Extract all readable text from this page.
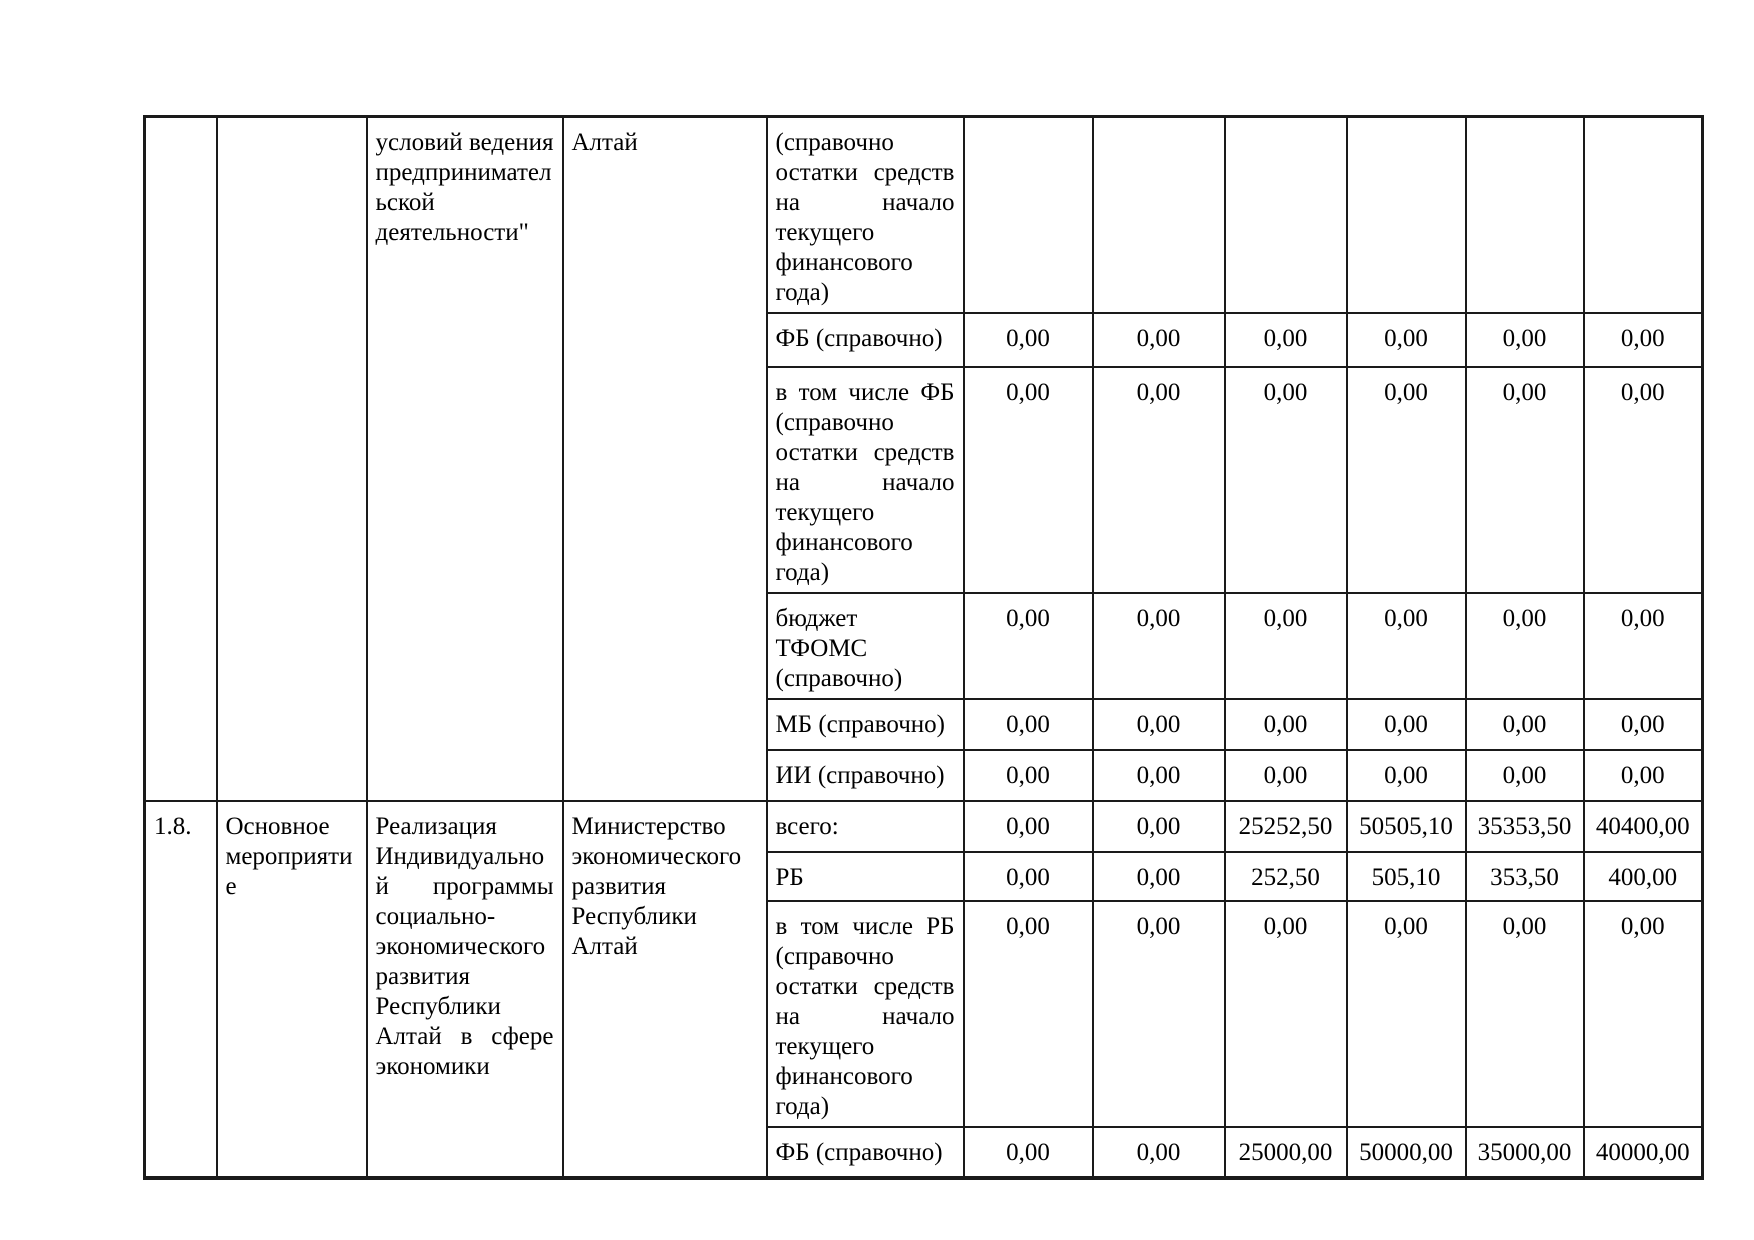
		условий ведения предпринимательской деятельности"	Алтай	(справочно остатки средств на начало текущего финансового года)						
				ФБ (справочно)	0,00	0,00	0,00	0,00	0,00	0,00
				в том числе ФБ (справочно остатки средств на начало текущего финансового года)	0,00	0,00	0,00	0,00	0,00	0,00
				бюджет ТФОМС (справочно)	0,00	0,00	0,00	0,00	0,00	0,00
				МБ (справочно)	0,00	0,00	0,00	0,00	0,00	0,00
				ИИ (справочно)	0,00	0,00	0,00	0,00	0,00	0,00
1.8.	Основное мероприятие	Реализация Индивидуальной программы социально-экономического развития Республики Алтай в сфере экономики	Министерство экономического развития Республики Алтай	всего:	0,00	0,00	25252,50	50505,10	35353,50	40400,00
				РБ	0,00	0,00	252,50	505,10	353,50	400,00
				в том числе РБ (справочно остатки средств на начало текущего финансового года)	0,00	0,00	0,00	0,00	0,00	0,00
				ФБ (справочно)	0,00	0,00	25000,00	50000,00	35000,00	40000,00
